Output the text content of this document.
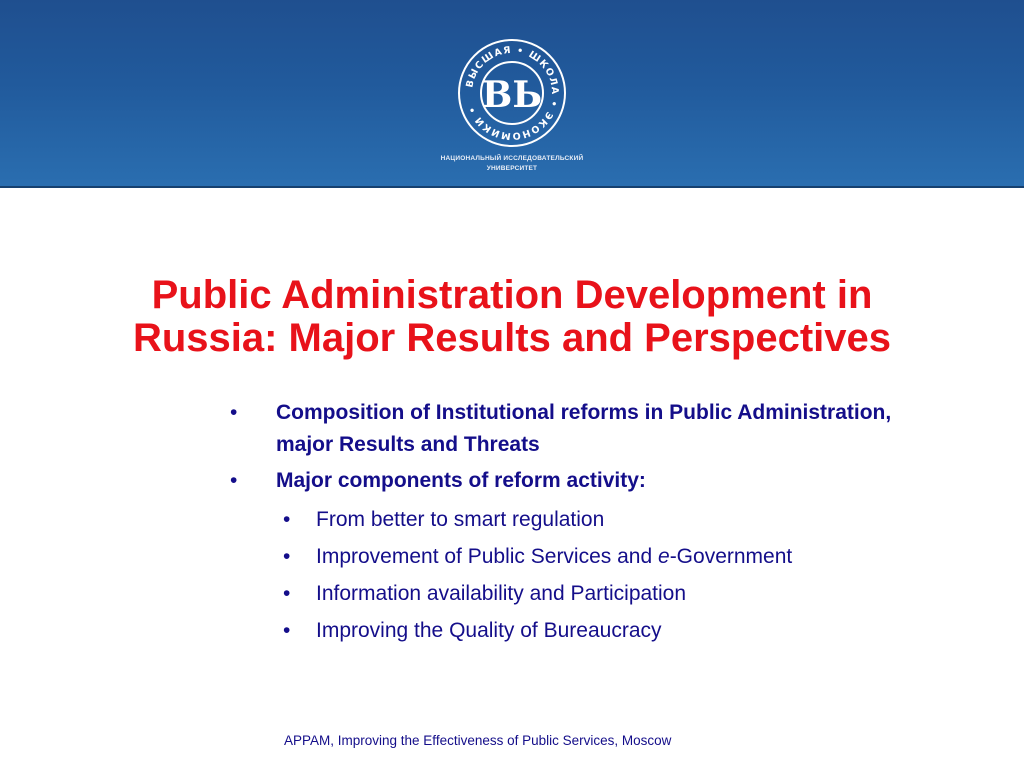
ВЫСШАЯ • ШКОЛА • ЭКОНОМИКИ • ВЬ
НАЦИОНАЛЬНЫЙ ИССЛЕДОВАТЕЛЬСКИЙ
УНИВЕРСИТЕТ
Public Administration Development in
Russia: Major Results and Perspectives
• Composition of Institutional reforms in Public Administration, major Results and Threats
• Major components of reform activity:
• From better to smart regulation
• Improvement of Public Services and e-Government
• Information availability and Participation
• Improving the Quality of Bureaucracy
APPAM, Improving the Effectiveness of Public Services, Moscow
